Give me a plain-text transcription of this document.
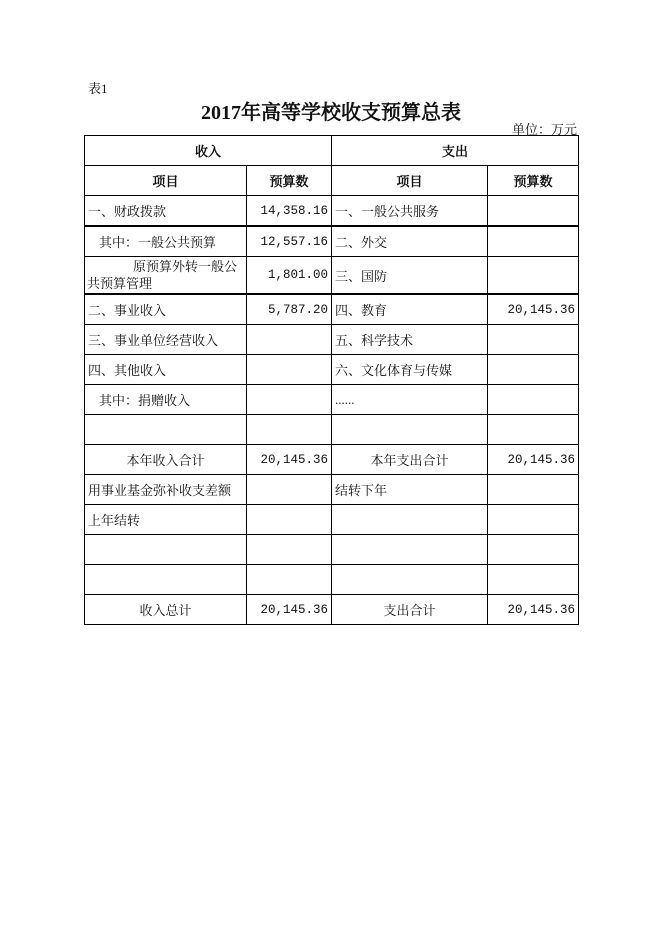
表1
2017年高等学校收支预算总表
单位：万元
收入		支出	
项目	预算数	项目	预算数
一、财政拨款	14,358.16	一、一般公共服务	
其中：一般公共预算	12,557.16	二、外交	
原预算外转一般公共预算管理	1,801.00	三、国防	
二、事业收入	5,787.20	四、教育	20,145.36
三、事业单位经营收入		五、科学技术	
四、其他收入		六、文化体育与传媒	
其中：捐赠收入		......	

本年收入合计	20,145.36	本年支出合计	20,145.36
用事业基金弥补收支差额		结转下年	
上年结转			

收入总计	20,145.36	支出合计	20,145.36
